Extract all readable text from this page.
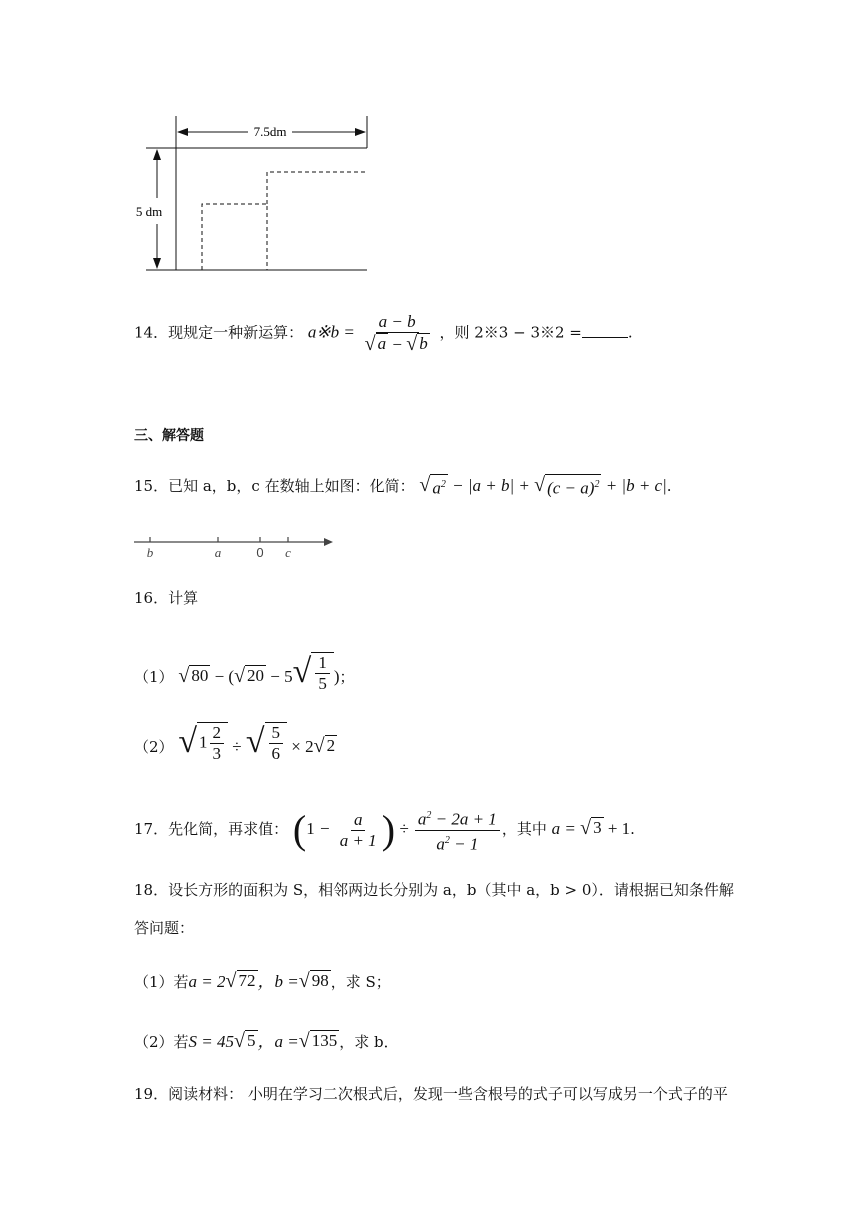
7.5dm
5 dm
14．现规定一种新运算： a※b = $\frac{a - b}{√ a - √ b}$ ，则 2※3 − 3※2 =	.
三、解答题
15．已知 a，b，c 在数轴上如图：化简： √ $a^2 - |a + b|$ + √ $(c - a)^2 + |b + c|$.
b	a	0 c
16．计算
（1） √ 80 − ( √ 20 − 5 √ $\frac{1}{5}$ )；
（2） √ $1 \frac{2}{3}$ ÷ √ $\frac{5}{6} \times 2$ √ 2
17．先化简，再求值： ($1 - \frac{a}{a + 1}$ ) ÷ $\frac{a^2 - 2a + 1}{a^2 - 1}$ ，其中 a = √ 3 + 1.
18．设长方形的面积为 S，相邻两边长分别为 a，b（其中 a，b > 0）．请根据已知条件解
答问题：
（1）若a = 2 √ 72 ，b = √ 98 ，求 S；
（2）若S = 45 √ 5 ，a = √ 135 ，求 b．
19．阅读材料： 小明在学习二次根式后，发现一些含根号的式子可以写成另一个式子的平
